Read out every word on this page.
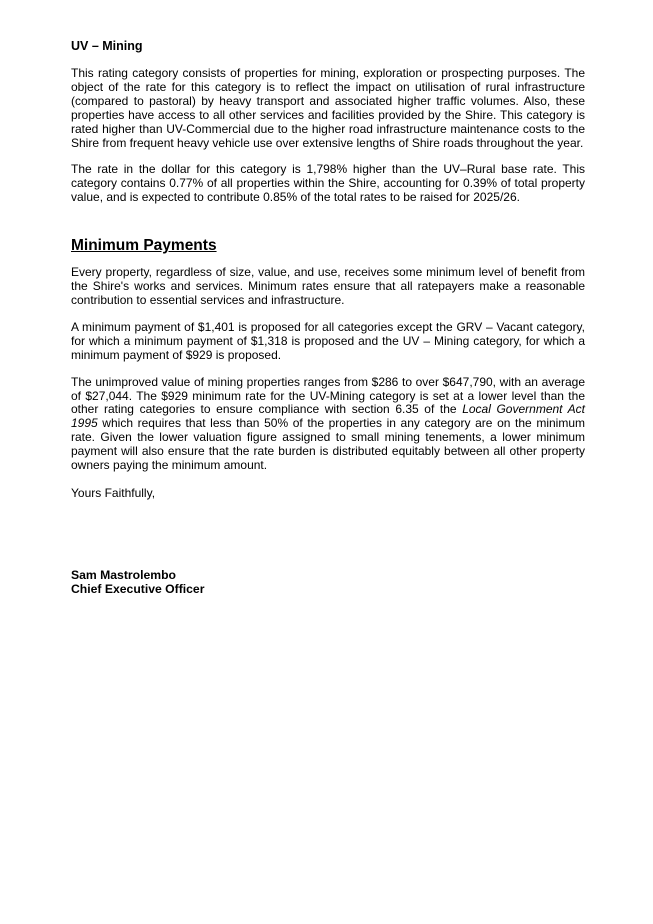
UV – Mining

This rating category consists of properties for mining, exploration or prospecting purposes. The object of the rate for this category is to reflect the impact on utilisation of rural infrastructure (compared to pastoral) by heavy transport and associated higher traffic volumes. Also, these properties have access to all other services and facilities provided by the Shire. This category is rated higher than UV-Commercial due to the higher road infrastructure maintenance costs to the Shire from frequent heavy vehicle use over extensive lengths of Shire roads throughout the year.

The rate in the dollar for this category is 1,798% higher than the UV–Rural base rate. This category contains 0.77% of all properties within the Shire, accounting for 0.39% of total property value, and is expected to contribute 0.85% of the total rates to be raised for 2025/26.

Minimum Payments

Every property, regardless of size, value, and use, receives some minimum level of benefit from the Shire's works and services. Minimum rates ensure that all ratepayers make a reasonable contribution to essential services and infrastructure.

A minimum payment of $1,401 is proposed for all categories except the GRV – Vacant category, for which a minimum payment of $1,318 is proposed and the UV – Mining category, for which a minimum payment of $929 is proposed.

The unimproved value of mining properties ranges from $286 to over $647,790, with an average of $27,044. The $929 minimum rate for the UV-Mining category is set at a lower level than the other rating categories to ensure compliance with section 6.35 of the Local Government Act 1995 which requires that less than 50% of the properties in any category are on the minimum rate. Given the lower valuation figure assigned to small mining tenements, a lower minimum payment will also ensure that the rate burden is distributed equitably between all other property owners paying the minimum amount.

Yours Faithfully,
Sam Mastrolembo
Chief Executive Officer
